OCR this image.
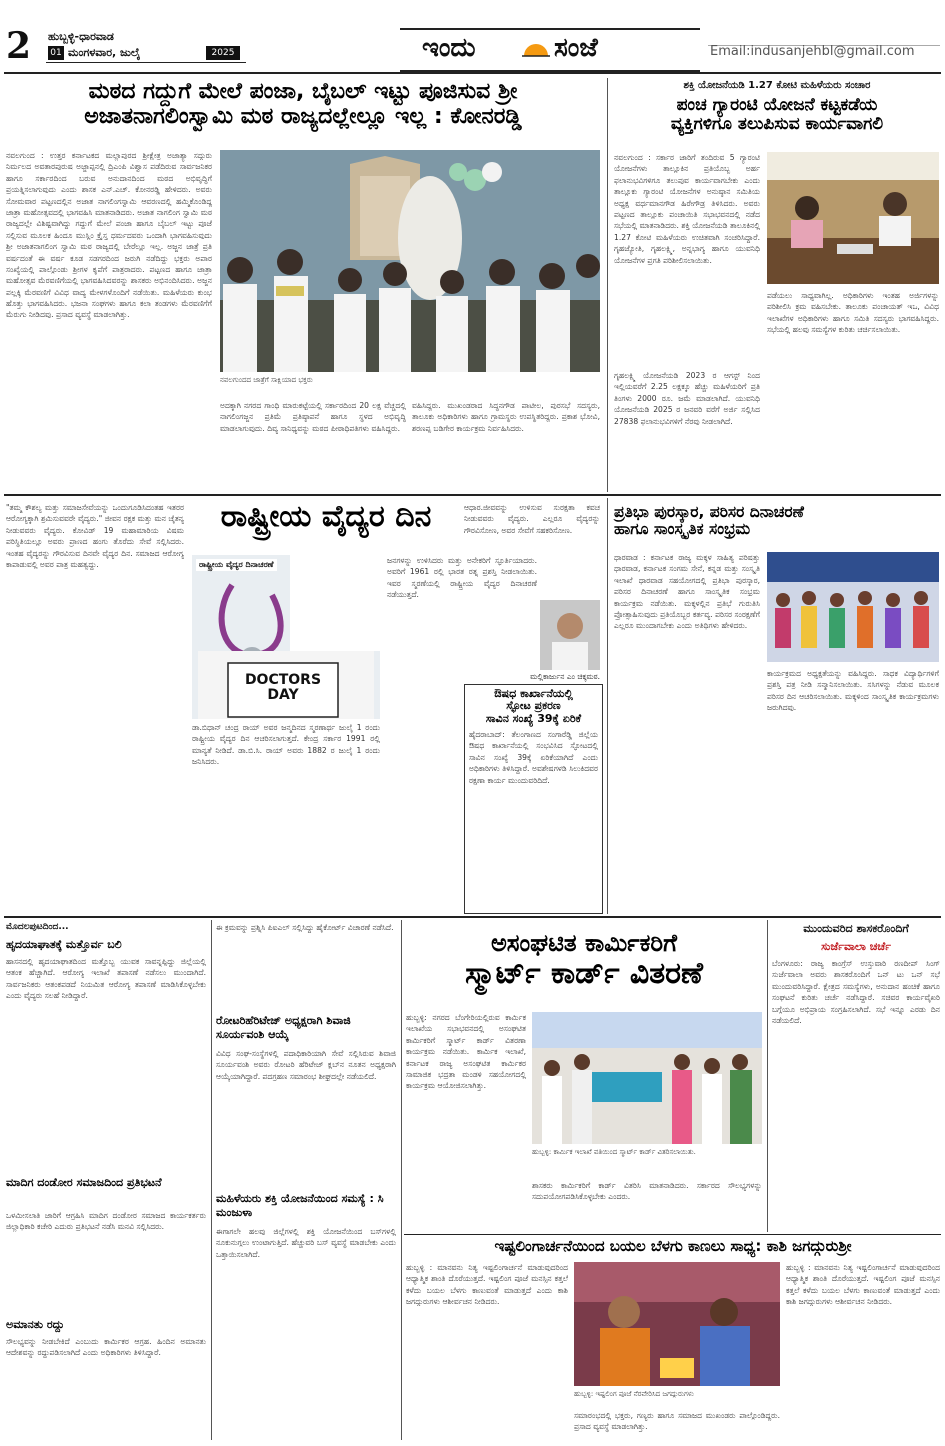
2 ಹುಬ್ಬಳ್ಳಿ-ಧಾರವಾಡ
01 ಮಂಗಳವಾರ, ಜುಲೈ	2025	ಇಂದು	ಸಂಜೆ	Email:indusanjehbl@gmail.com
ಮಠದ ಗದ್ದುಗೆ ಮೇಲೆ ಪಂಜಾ, ಬೈಬಲ್ ಇಟ್ಟು ಪೂಜಿಸುವ ಶ್ರೀ
ಅಜಾತನಾಗಲಿಂಸ್ವಾಮಿ ಮಠ ರಾಜ್ಯದಲ್ಲೇಲ್ಲೂ ಇಲ್ಲ : ಕೋನರಡ್ಡಿ
ನವಲಗುಂದ : ಉತ್ತರ ಕರ್ನಾಟಕದ ಮಲ್ಲಾಪುರದ ಶ್ರೀಕ್ಷೇತ್ರ ಅಜಾತ್ಯಾ ಸದ್ಗುರು ನಿರ್ಮಲದ ಅವತಾರಪುರುಷ ಅಜ್ಜಾಪ್ಪನಲ್ಲಿ ದ್ರಿಎಂಪಿ ವಿಶ್ವಾಸ ಪಡೆದಿರುವ ಸಾರ್ವಜನಿಕರ ಹಾಗೂ ಸರ್ಕಾರದಿಂದ ಬರುವ ಅನುದಾನದಿಂದ ಮಠದ ಅಭಿವೃದ್ಧಿಗೆ ಪ್ರಯತ್ನಿಸಲಾಗುವುದು ಎಂದು ಶಾಸಕ ಎನ್.ಎಚ್. ಕೋನರಡ್ಡಿ ಹೇಳಿದರು. ಅವರು ಸೋಮವಾರ ಪಟ್ಟಣದಲ್ಲಿನ ಅಜಾತ ನಾಗಲಿಂಗಸ್ವಾಮಿ ಆವರಣದಲ್ಲಿ ಹಮ್ಮಿಕೊಂಡಿದ್ದ ಜಾತ್ರಾ ಮಹೋತ್ಸವದಲ್ಲಿ ಭಾಗವಹಿಸಿ ಮಾತನಾಡಿದರು. ಅಜಾತ ನಾಗಲಿಂಗ ಸ್ವಾಮಿ ಮಠ ರಾಜ್ಯದಲ್ಲೇ ವಿಶಿಷ್ಟವಾಗಿದ್ದು ಗದ್ದುಗೆ ಮೇಲೆ ಪಂಜಾ ಹಾಗೂ ಬೈಬಲ್ ಇಟ್ಟು ಪೂಜೆ ಸಲ್ಲಿಸುವ ಮೂಲಕ ಹಿಂದೂ ಮುಸ್ಲಿಂ ಕ್ರೈಸ್ತ ಧರ್ಮದವರು ಒಂದಾಗಿ ಭಾಗವಹಿಸುವುದು ಶ್ರೀ ಅಜಾತನಾಗಲಿಂಗ ಸ್ವಾಮಿ ಮಠ ರಾಜ್ಯದಲ್ಲಿ ಬೇರೆಲ್ಲೂ ಇಲ್ಲ. ಅಜ್ಜನ ಜಾತ್ರೆ ಪ್ರತಿ ವರ್ಷದಂತೆ ಈ ವರ್ಷ ಕೂಡ ಸಡಗರದಿಂದ ಜರುಗಿ ನಡೆದಿದ್ದು ಭಕ್ತರು ಅಪಾರ ಸಂಖ್ಯೆಯಲ್ಲಿ ಪಾಲ್ಗೊಂಡು ಶ್ರೀಗಳ ಕೃಪೆಗೆ ಪಾತ್ರರಾದರು. ಪಟ್ಟಣದ ಹಾಗೂ ಜಾತ್ರಾ ಮಹೋತ್ಸವ ಮೆರವಣಿಗೆಯಲ್ಲಿ ಭಾಗವಹಿಸಿದವರನ್ನು ಶಾಸಕರು ಅಭಿನಂದಿಸಿದರು. ಅಜ್ಜನ ಪಲ್ಲಕ್ಕಿ ಮೆರವಣಿಗೆ ವಿವಿಧ ವಾದ್ಯ ಮೇಳಗಳೊಂದಿಗೆ ನಡೆಯಿತು. ಮಹಿಳೆಯರು ಕುಂಭ ಹೊತ್ತು ಭಾಗವಹಿಸಿದರು. ಭಜನಾ ಸಂಘಗಳು ಹಾಗೂ ಕಲಾ ತಂಡಗಳು ಮೆರವಣಿಗೆಗೆ ಮೆರುಗು ನೀಡಿದವು. ಪ್ರಸಾದ ವ್ಯವಸ್ಥೆ ಮಾಡಲಾಗಿತ್ತು.
ನವಲಗುಂದದ ಜಾತ್ರೆಗೆ ಸಾಕ್ಷಿಯಾದ ಭಕ್ತರು
ಅದಕ್ಕಾಗಿ ನಗರದ ಗಾಂಧಿ ಮಾರುಕಟ್ಟೆಯಲ್ಲಿ ಸರ್ಕಾರದಿಂದ 20 ಲಕ್ಷ ವೆಚ್ಚದಲ್ಲಿ ನಾಗಲಿಂಗಜ್ಜನ ಪ್ರತಿಮೆ ಪ್ರತಿಷ್ಠಾಪನೆ ಹಾಗೂ ಸ್ಥಳದ ಅಭಿವೃದ್ಧಿ ಮಾಡಲಾಗುವುದು. ದಿವ್ಯ ಸಾನಿಧ್ಯವನ್ನು ಮಠದ ಪೀಠಾಧಿಪತಿಗಳು ವಹಿಸಿದ್ದರು.
ವಹಿಸಿದ್ದರು. ಮುಖಂಡರಾದ ಸಿದ್ಧನಗೌಡ ಪಾಟೀಲ, ಪುರಸಭೆ ಸದಸ್ಯರು, ತಾಲೂಕು ಅಧಿಕಾರಿಗಳು ಹಾಗೂ ಗ್ರಾಮಸ್ಥರು ಉಪಸ್ಥಿತರಿದ್ದರು. ಪ್ರಕಾಶ ಭೋವಿ, ಶರಣಪ್ಪ ಬಡಿಗೇರ ಕಾರ್ಯಕ್ರಮ ನಿರ್ವಹಿಸಿದರು.
ಶಕ್ತಿ ಯೋಜನೆಯಡಿ 1.27 ಕೋಟಿ ಮಹಿಳೆಯರು ಸಂಚಾರ
ಪಂಚ ಗ್ಯಾರಂಟಿ ಯೋಜನೆ ಕಟ್ಟಕಡೆಯ
ವ್ಯಕ್ತಿಗಳಿಗೂ ತಲುಪಿಸುವ ಕಾರ್ಯವಾಗಲಿ
ನವಲಗುಂದ : ಸರ್ಕಾರ ಜಾರಿಗೆ ತಂದಿರುವ 5 ಗ್ಯಾರಂಟಿ ಯೋಜನೆಗಳು ತಾಲ್ಲೂಕಿನ ಪ್ರತಿಯೊಬ್ಬ ಅರ್ಹ ಫಲಾನುಭವಿಗಳಿಗೂ ತಲುಪುವ ಕಾರ್ಯವಾಗಬೇಕು ಎಂದು ತಾಲ್ಲೂಕು ಗ್ಯಾರಂಟಿ ಯೋಜನೆಗಳ ಅನುಷ್ಠಾನ ಸಮಿತಿಯ ಅಧ್ಯಕ್ಷ ವರ್ಧಮಾನಗೌಡ ಹಿರೇಗೌಡ್ರ ತಿಳಿಸಿದರು. ಅವರು ಪಟ್ಟಣದ ತಾಲ್ಲೂಕು ಪಂಚಾಯಿತಿ ಸಭಾಭವನದಲ್ಲಿ ನಡೆದ ಸಭೆಯಲ್ಲಿ ಮಾತನಾಡಿದರು. ಶಕ್ತಿ ಯೋಜನೆಯಡಿ ತಾಲೂಕಿನಲ್ಲಿ 1.27 ಕೋಟಿ ಮಹಿಳೆಯರು ಉಚಿತವಾಗಿ ಸಂಚರಿಸಿದ್ದಾರೆ. ಗೃಹಜ್ಯೋತಿ, ಗೃಹಲಕ್ಷ್ಮಿ, ಅನ್ನಭಾಗ್ಯ ಹಾಗೂ ಯುವನಿಧಿ ಯೋಜನೆಗಳ ಪ್ರಗತಿ ಪರಿಶೀಲಿಸಲಾಯಿತು.
ಪಡೆಯಲು ಸಾಧ್ಯವಾಗಿಲ್ಲ. ಅಧಿಕಾರಿಗಳು ಇಂತಹ ಅರ್ಜಿಗಳನ್ನು ಪರಿಶೀಲಿಸಿ ಕ್ರಮ ವಹಿಸಬೇಕು. ತಾಲೂಕು ಪಂಚಾಯತ್ ಇಒ, ವಿವಿಧ ಇಲಾಖೆಗಳ ಅಧಿಕಾರಿಗಳು ಹಾಗೂ ಸಮಿತಿ ಸದಸ್ಯರು ಭಾಗವಹಿಸಿದ್ದರು. ಸಭೆಯಲ್ಲಿ ಹಲವು ಸಮಸ್ಯೆಗಳ ಕುರಿತು ಚರ್ಚಿಸಲಾಯಿತು.
ಗೃಹಲಕ್ಷ್ಮಿ ಯೋಜನೆಯಡಿ 2023 ರ ಆಗಸ್ಟ್ ನಿಂದ ಇಲ್ಲಿಯವರೆಗೆ 2.25 ಲಕ್ಷಕ್ಕೂ ಹೆಚ್ಚು ಮಹಿಳೆಯರಿಗೆ ಪ್ರತಿ ತಿಂಗಳು 2000 ರೂ. ಜಮೆ ಮಾಡಲಾಗಿದೆ. ಯುವನಿಧಿ ಯೋಜನೆಯಡಿ 2025 ರ ಜನವರಿ ವರೆಗೆ ಅರ್ಜಿ ಸಲ್ಲಿಸಿದ 27838 ಫಲಾನುಭವಿಗಳಿಗೆ ನೆರವು ನೀಡಲಾಗಿದೆ.
"ತಮ್ಮ ಕೌಶಲ್ಯ ಮತ್ತು ಸಮಾಜಸೇವೆಯನ್ನು ಒಂದುಗೂಡಿಸಿದಂತಹ ಇತರರ ಆರೋಗ್ಯಕ್ಕಾಗಿ ಶ್ರಮಿಸುವವರೇ ವೈದ್ಯರು." ಜೀವನ ರಕ್ಷಕ ಮತ್ತು ಮನ ಚೈತನ್ಯ ನೀಡುವವರು ವೈದ್ಯರು. ಕೋವಿಡ್ 19 ಮಹಾಮಾರಿಯ ವಿಷಮ ಪರಿಸ್ಥಿತಿಯಲ್ಲೂ ಅವರು ಪ್ರಾಣದ ಹಂಗು ತೊರೆದು ಸೇವೆ ಸಲ್ಲಿಸಿದರು. ಇಂತಹ ವೈದ್ಯರನ್ನು ಗೌರವಿಸುವ ದಿನವೇ ವೈದ್ಯರ ದಿನ. ಸಮಾಜದ ಆರೋಗ್ಯ ಕಾಪಾಡುವಲ್ಲಿ ಅವರ ಪಾತ್ರ ಮಹತ್ವದ್ದು.
ರಾಷ್ಟ್ರೀಯ ವೈದ್ಯರ ದಿನ
ರಾಷ್ಟ್ರೀಯ ವೈದ್ಯರ ದಿನಾಚರಣೆ
DOCTORS DAY
ಡಾ.ಬಿಧಾನ್ ಚಂದ್ರ ರಾಯ್ ಅವರ ಜನ್ಮದಿನದ ಸ್ಮರಣಾರ್ಥ ಜುಲೈ 1 ರಂದು ರಾಷ್ಟ್ರೀಯ ವೈದ್ಯರ ದಿನ ಆಚರಿಸಲಾಗುತ್ತದೆ. ಕೇಂದ್ರ ಸರ್ಕಾರ 1991 ರಲ್ಲಿ ಮಾನ್ಯತೆ ನೀಡಿದೆ. ಡಾ.ಬಿ.ಸಿ. ರಾಯ್ ಅವರು 1882 ರ ಜುಲೈ 1 ರಂದು ಜನಿಸಿದರು.
ಜನಗಳನ್ನು ಉಳಿಸಿದರು ಮತ್ತು ಅನೇಕರಿಗೆ ಸ್ಫೂರ್ತಿಯಾದರು. ಅವರಿಗೆ 1961 ರಲ್ಲಿ ಭಾರತ ರತ್ನ ಪ್ರಶಸ್ತಿ ನೀಡಲಾಯಿತು. ಇವರ ಸ್ಮರಣೆಯಲ್ಲಿ ರಾಷ್ಟ್ರೀಯ ವೈದ್ಯರ ದಿನಾಚರಣೆ ನಡೆಯುತ್ತದೆ.
ಆಧಾರ.ಜೀವವನ್ನು ಉಳಿಸುವ ಸುರಕ್ಷತಾ ಕವಚ ನೀಡುವವರು ವೈದ್ಯರು. ಎಲ್ಲರೂ ವೈದ್ಯರನ್ನು ಗೌರವಿಸೋಣ, ಅವರ ಸೇವೆಗೆ ಸಹಕರಿಸೋಣ.
ಮಲ್ಲಿಕಾರ್ಜುನ ಎಂ ಚಿಕ್ಕಮಠ.
ಔಷಧ ಕಾರ್ಖಾನೆಯಲ್ಲಿ
ಸ್ಫೋಟ ಪ್ರಕರಣ
ಸಾವಿನ ಸಂಖ್ಯೆ 39ಕ್ಕೆ ಏರಿಕೆ
ಹೈದರಾಬಾದ್: ತೆಲಂಗಾಣದ ಸಂಗಾರೆಡ್ಡಿ ಜಿಲ್ಲೆಯ ಔಷಧ ಕಾರ್ಖಾನೆಯಲ್ಲಿ ಸಂಭವಿಸಿದ ಸ್ಫೋಟದಲ್ಲಿ ಸಾವಿನ ಸಂಖ್ಯೆ 39ಕ್ಕೆ ಏರಿಕೆಯಾಗಿದೆ ಎಂದು ಅಧಿಕಾರಿಗಳು ತಿಳಿಸಿದ್ದಾರೆ. ಅವಶೇಷಗಳಡಿ ಸಿಲುಕಿದವರ ರಕ್ಷಣಾ ಕಾರ್ಯ ಮುಂದುವರಿದಿದೆ.
ಪ್ರತಿಭಾ ಪುರಸ್ಕಾರ, ಪರಿಸರ ದಿನಾಚರಣೆ
ಹಾಗೂ ಸಾಂಸ್ಕೃತಿಕ ಸಂಭ್ರಮ
ಧಾರವಾಡ : ಕರ್ನಾಟಕ ರಾಜ್ಯ ಮಕ್ಕಳ ಸಾಹಿತ್ಯ ಪರಿಷತ್ತು ಧಾರವಾಡ, ಕರ್ನಾಟಕ ಸಂಗಮ ಸೇನೆ, ಕನ್ನಡ ಮತ್ತು ಸಂಸ್ಕೃತಿ ಇಲಾಖೆ ಧಾರವಾಡ ಸಹಯೋಗದಲ್ಲಿ ಪ್ರತಿಭಾ ಪುರಸ್ಕಾರ, ಪರಿಸರ ದಿನಾಚರಣೆ ಹಾಗೂ ಸಾಂಸ್ಕೃತಿಕ ಸಂಭ್ರಮ ಕಾರ್ಯಕ್ರಮ ನಡೆಯಿತು. ಮಕ್ಕಳಲ್ಲಿನ ಪ್ರತಿಭೆ ಗುರುತಿಸಿ ಪ್ರೋತ್ಸಾಹಿಸುವುದು ಪ್ರತಿಯೊಬ್ಬರ ಕರ್ತವ್ಯ. ಪರಿಸರ ಸಂರಕ್ಷಣೆಗೆ ಎಲ್ಲರೂ ಮುಂದಾಗಬೇಕು ಎಂದು ಅತಿಥಿಗಳು ಹೇಳಿದರು.
ಕಾರ್ಯಕ್ರಮದ ಅಧ್ಯಕ್ಷತೆಯನ್ನು ವಹಿಸಿದ್ದರು. ಸಾಧಕ ವಿದ್ಯಾರ್ಥಿಗಳಿಗೆ ಪ್ರಶಸ್ತಿ ಪತ್ರ ನೀಡಿ ಸನ್ಮಾನಿಸಲಾಯಿತು. ಸಸಿಗಳನ್ನು ನೆಡುವ ಮೂಲಕ ಪರಿಸರ ದಿನ ಆಚರಿಸಲಾಯಿತು. ಮಕ್ಕಳಿಂದ ಸಾಂಸ್ಕೃತಿಕ ಕಾರ್ಯಕ್ರಮಗಳು ಜರುಗಿದವು.
ಮೊದಲಪುಟದಿಂದ...
ಹೃದಯಾಘಾತಕ್ಕೆ ಮತ್ತೊರ್ವ ಬಲಿ
ಹಾಸನದಲ್ಲಿ ಹೃದಯಾಘಾತದಿಂದ ಮತ್ತೊಬ್ಬ ಯುವಕ ಸಾವನ್ನಪ್ಪಿದ್ದು ಜಿಲ್ಲೆಯಲ್ಲಿ ಆತಂಕ ಹೆಚ್ಚಾಗಿದೆ. ಆರೋಗ್ಯ ಇಲಾಖೆ ತಪಾಸಣೆ ನಡೆಸಲು ಮುಂದಾಗಿದೆ. ಸಾರ್ವಜನಿಕರು ಆತಂಕಪಡದೆ ನಿಯಮಿತ ಆರೋಗ್ಯ ತಪಾಸಣೆ ಮಾಡಿಸಿಕೊಳ್ಳಬೇಕು ಎಂದು ವೈದ್ಯರು ಸಲಹೆ ನೀಡಿದ್ದಾರೆ.
ಮಾದಿಗ ದಂಡೋರ ಸಮಾಜದಿಂದ ಪ್ರತಿಭಟನೆ
ಒಳಮೀಸಲಾತಿ ಜಾರಿಗೆ ಆಗ್ರಹಿಸಿ ಮಾದಿಗ ದಂಡೋರ ಸಮಾಜದ ಕಾರ್ಯಕರ್ತರು ಜಿಲ್ಲಾಧಿಕಾರಿ ಕಚೇರಿ ಎದುರು ಪ್ರತಿಭಟನೆ ನಡೆಸಿ ಮನವಿ ಸಲ್ಲಿಸಿದರು.
ಅಮಾನತು ರದ್ದು
ಸೌಲಭ್ಯವನ್ನು ನೀಡಬೇಕಿದೆ ಎಂಬುದು ಕಾರ್ಮಿಕರ ಆಗ್ರಹ. ಹಿಂದಿನ ಅಮಾನತು ಆದೇಶವನ್ನು ರದ್ದುಪಡಿಸಲಾಗಿದೆ ಎಂದು ಅಧಿಕಾರಿಗಳು ತಿಳಿಸಿದ್ದಾರೆ.
ಈ ಕ್ರಮವನ್ನು ಪ್ರಶ್ನಿಸಿ ಪಿಐಎಲ್ ಸಲ್ಲಿಸಿದ್ದು ಹೈಕೋರ್ಟ್ ವಿಚಾರಣೆ ನಡೆಸಿದೆ.
ರೋಟರಿಹೆರಿಟೇಜ್ ಅಧ್ಯಕ್ಷರಾಗಿ ಶಿವಾಜಿ ಸೂರ್ಯವಂಶಿ ಆಯ್ಕೆ
ವಿವಿಧ ಸಂಘ-ಸಂಸ್ಥೆಗಳಲ್ಲಿ ಪದಾಧಿಕಾರಿಯಾಗಿ ಸೇವೆ ಸಲ್ಲಿಸಿರುವ ಶಿವಾಜಿ ಸೂರ್ಯವಂಶಿ ಅವರು ರೋಟರಿ ಹೆರಿಟೇಜ್ ಕ್ಲಬ್‌ನ ನೂತನ ಅಧ್ಯಕ್ಷರಾಗಿ ಆಯ್ಕೆಯಾಗಿದ್ದಾರೆ. ಪದಗ್ರಹಣ ಸಮಾರಂಭ ಶೀಘ್ರದಲ್ಲೇ ನಡೆಯಲಿದೆ.
ಮಹಿಳೆಯರು ಶಕ್ತಿ ಯೋಜನೆಯಿಂದ ಸಮಸ್ಯೆ : ಸಿ ಮಂಜುಳಾ
ಈಗಾಗಲೇ ಹಲವು ಜಿಲ್ಲೆಗಳಲ್ಲಿ ಶಕ್ತಿ ಯೋಜನೆಯಿಂದ ಬಸ್‌ಗಳಲ್ಲಿ ನೂಕುನುಗ್ಗಲು ಉಂಟಾಗುತ್ತಿದೆ. ಹೆಚ್ಚುವರಿ ಬಸ್ ವ್ಯವಸ್ಥೆ ಮಾಡಬೇಕು ಎಂದು ಒತ್ತಾಯಿಸಲಾಗಿದೆ.
ಅಸಂಘಟಿತ ಕಾರ್ಮಿಕರಿಗೆ
ಸ್ಮಾರ್ಟ್ ಕಾರ್ಡ್ ವಿತರಣೆ
ಹುಬ್ಬಳ್ಳಿ: ನಗರದ ಬೆಂಗೇರಿಯಲ್ಲಿರುವ ಕಾರ್ಮಿಕ ಇಲಾಖೆಯ ಸಭಾಭವನದಲ್ಲಿ ಅಸಂಘಟಿತ ಕಾರ್ಮಿಕರಿಗೆ ಸ್ಮಾರ್ಟ್ ಕಾರ್ಡ್ ವಿತರಣಾ ಕಾರ್ಯಕ್ರಮ ನಡೆಯಿತು. ಕಾರ್ಮಿಕ ಇಲಾಖೆ, ಕರ್ನಾಟಕ ರಾಜ್ಯ ಅಸಂಘಟಿತ ಕಾರ್ಮಿಕರ ಸಾಮಾಜಿಕ ಭದ್ರತಾ ಮಂಡಳಿ ಸಹಯೋಗದಲ್ಲಿ ಕಾರ್ಯಕ್ರಮ ಆಯೋಜಿಸಲಾಗಿತ್ತು.
ಹುಬ್ಬಳ್ಳಿ: ಕಾರ್ಮಿಕ ಇಲಾಖೆ ವತಿಯಿಂದ ಸ್ಮಾರ್ಟ್ ಕಾರ್ಡ್ ವಿತರಿಸಲಾಯಿತು.
ಶಾಸಕರು ಕಾರ್ಮಿಕರಿಗೆ ಕಾರ್ಡ್ ವಿತರಿಸಿ ಮಾತನಾಡಿದರು. ಸರ್ಕಾರದ ಸೌಲಭ್ಯಗಳನ್ನು ಸದುಪಯೋಗಪಡಿಸಿಕೊಳ್ಳಬೇಕು ಎಂದರು.
ಮುಂದುವರಿದ ಶಾಸಕರೊಂದಿಗೆ
ಸುರ್ಜೆವಾಲಾ ಚರ್ಚೆ
ಬೆಂಗಳೂರು: ರಾಜ್ಯ ಕಾಂಗ್ರೆಸ್ ಉಸ್ತುವಾರಿ ರಣದೀಪ್ ಸಿಂಗ್ ಸುರ್ಜೆವಾಲಾ ಅವರು ಶಾಸಕರೊಂದಿಗೆ ಒನ್ ಟು ಒನ್ ಸಭೆ ಮುಂದುವರಿಸಿದ್ದಾರೆ. ಕ್ಷೇತ್ರದ ಸಮಸ್ಯೆಗಳು, ಅನುದಾನ ಹಂಚಿಕೆ ಹಾಗೂ ಸಂಘಟನೆ ಕುರಿತು ಚರ್ಚೆ ನಡೆಸಿದ್ದಾರೆ. ಸಚಿವರ ಕಾರ್ಯವೈಖರಿ ಬಗ್ಗೆಯೂ ಅಭಿಪ್ರಾಯ ಸಂಗ್ರಹಿಸಲಾಗಿದೆ. ಸಭೆ ಇನ್ನೂ ಎರಡು ದಿನ ನಡೆಯಲಿದೆ.
ಇಷ್ಟಲಿಂಗಾರ್ಚನೆಯಿಂದ ಬಯಲ ಬೆಳಗು ಕಾಣಲು ಸಾಧ್ಯ: ಕಾಶಿ ಜಗದ್ಗುರುಶ್ರೀ
ಹುಬ್ಬಳ್ಳಿ : ಮಾನವನು ನಿತ್ಯ ಇಷ್ಟಲಿಂಗಾರ್ಚನೆ ಮಾಡುವುದರಿಂದ ಆಧ್ಯಾತ್ಮಿಕ ಶಾಂತಿ ದೊರೆಯುತ್ತದೆ. ಇಷ್ಟಲಿಂಗ ಪೂಜೆ ಮನಸ್ಸಿನ ಕತ್ತಲೆ ಕಳೆದು ಬಯಲ ಬೆಳಗು ಕಾಣುವಂತೆ ಮಾಡುತ್ತದೆ ಎಂದು ಕಾಶಿ ಜಗದ್ಗುರುಗಳು ಆಶೀರ್ವಚನ ನೀಡಿದರು.
ಹುಬ್ಬಳ್ಳಿ: ಇಷ್ಟಲಿಂಗ ಪೂಜೆ ನೆರವೇರಿಸಿದ ಜಗದ್ಗುರುಗಳು
ಸಮಾರಂಭದಲ್ಲಿ ಭಕ್ತರು, ಗಣ್ಯರು ಹಾಗೂ ಸಮಾಜದ ಮುಖಂಡರು ಪಾಲ್ಗೊಂಡಿದ್ದರು. ಪ್ರಸಾದ ವ್ಯವಸ್ಥೆ ಮಾಡಲಾಗಿತ್ತು.
ಹುಬ್ಬಳ್ಳಿ : ಮಾನವನು ನಿತ್ಯ ಇಷ್ಟಲಿಂಗಾರ್ಚನೆ ಮಾಡುವುದರಿಂದ ಆಧ್ಯಾತ್ಮಿಕ ಶಾಂತಿ ದೊರೆಯುತ್ತದೆ. ಇಷ್ಟಲಿಂಗ ಪೂಜೆ ಮನಸ್ಸಿನ ಕತ್ತಲೆ ಕಳೆದು ಬಯಲ ಬೆಳಗು ಕಾಣುವಂತೆ ಮಾಡುತ್ತದೆ ಎಂದು ಕಾಶಿ ಜಗದ್ಗುರುಗಳು ಆಶೀರ್ವಚನ ನೀಡಿದರು.
